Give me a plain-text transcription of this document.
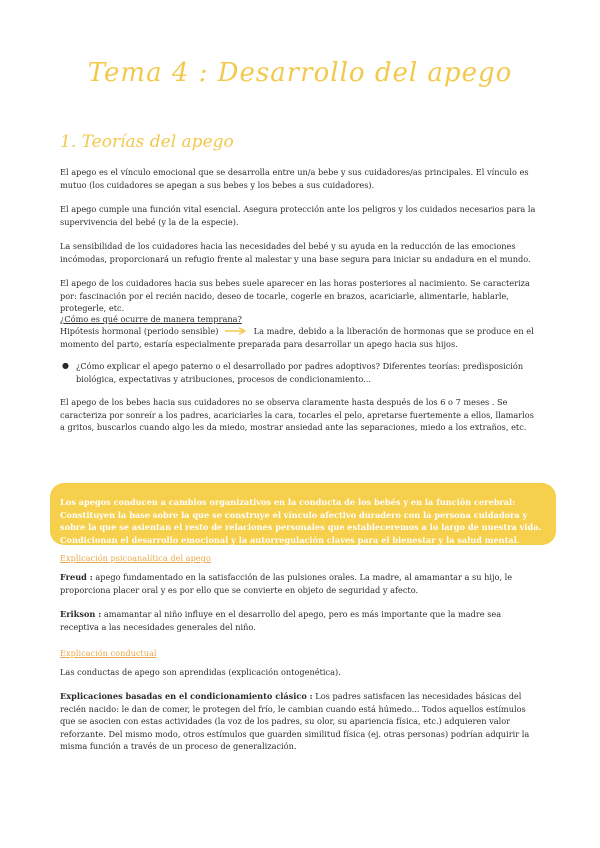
Tema 4 : Desarrollo del apego
1. Teorías del apego
El apego es el vínculo emocional que se desarrolla entre un/a bebe y sus cuidadores/as principales. El vínculo es mutuo (los cuidadores se apegan a sus bebes y los bebes a sus cuidadores).
El apego cumple una función vital esencial. Asegura protección ante los peligros y los cuidados necesarios para la supervivencia del bebé (y la de la especie).
La sensibilidad de los cuidadores hacia las necesidades del bebé y su ayuda en la reducción de las emociones incómodas, proporcionará un refugio frente al malestar y una base segura para iniciar su andadura en el mundo.
El apego de los cuidadores hacia sus bebes suele aparecer en las horas posteriores al nacimiento. Se caracteriza por: fascinación por el recién nacido, deseo de tocarle, cogerle en brazos, acariciarle, alimentarle, hablarle, protegerle, etc.
¿Cómo es qué ocurre de manera temprana?
Hipótesis hormonal (periodo sensible)	La madre, debido a la liberación de hormonas que se produce en el momento del parto, estaría especialmente preparada para desarrollar un apego hacia sus hijos.
● ¿Cómo explicar el apego paterno o el desarrollado por padres adoptivos? Diferentes teorías: predisposición biológica, expectativas y atribuciones, procesos de condicionamiento...
El apego de los bebes hacia sus cuidadores no se observa claramente hasta después de los 6 o 7 meses . Se caracteriza por sonreír a los padres, acariciarles la cara, tocarles el pelo, apretarse fuertemente a ellos, llamarlos a gritos, buscarlos cuando algo les da miedo, mostrar ansiedad ante las separaciones, miedo a los extraños, etc.
Los apegos conducen a cambios organizativos en la conducta de los bebés y en la función cerebral: Constituyen la base sobre la que se construye el vínculo afectivo duradero con la persona cuidadora y sobre la que se asientan el resto de relaciones personales que estableceremos a lo largo de nuestra vida. Condicionan el desarrollo emocional y la autorregulación claves para el bienestar y la salud mental.
Explicación psicoanalítica del apego
Freud : apego fundamentado en la satisfacción de las pulsiones orales. La madre, al amamantar a su hijo, le proporciona placer oral y es por ello que se convierte en objeto de seguridad y afecto.
Erikson : amamantar al niño influye en el desarrollo del apego, pero es más importante que la madre sea receptiva a las necesidades generales del niño.
Explicación conductual
Las conductas de apego son aprendidas (explicación ontogenética).
Explicaciones basadas en el condicionamiento clásico : Los padres satisfacen las necesidades básicas del recién nacido: le dan de comer, le protegen del frío, le cambian cuando está húmedo... Todos aquellos estímulos que se asocien con estas actividades (la voz de los padres, su olor, su apariencia física, etc.) adquieren valor reforzante. Del mismo modo, otros estímulos que guarden similitud física (ej. otras personas) podrían adquirir la misma función a través de un proceso de generalización.
